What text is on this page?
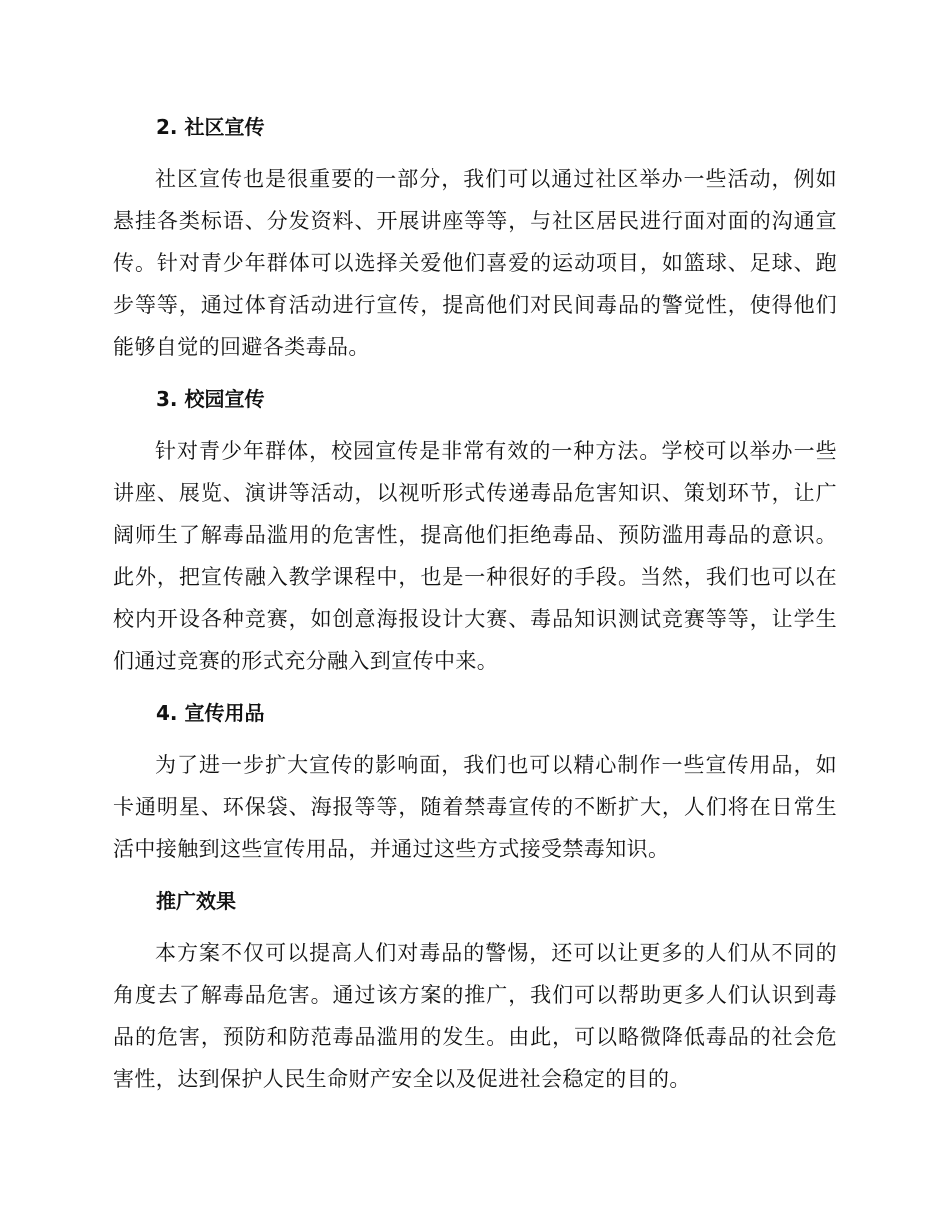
2. 社区宣传

社区宣传也是很重要的一部分，我们可以通过社区举办一些活动，例如悬挂各类标语、分发资料、开展讲座等等，与社区居民进行面对面的沟通宣传。针对青少年群体可以选择关爱他们喜爱的运动项目，如篮球、足球、跑步等等，通过体育活动进行宣传，提高他们对民间毒品的警觉性，使得他们能够自觉的回避各类毒品。

3. 校园宣传

针对青少年群体，校园宣传是非常有效的一种方法。学校可以举办一些讲座、展览、演讲等活动，以视听形式传递毒品危害知识、策划环节，让广阔师生了解毒品滥用的危害性，提高他们拒绝毒品、预防滥用毒品的意识。此外，把宣传融入教学课程中，也是一种很好的手段。当然，我们也可以在校内开设各种竞赛，如创意海报设计大赛、毒品知识测试竞赛等等，让学生们通过竞赛的形式充分融入到宣传中来。

4. 宣传用品

为了进一步扩大宣传的影响面，我们也可以精心制作一些宣传用品，如卡通明星、环保袋、海报等等，随着禁毒宣传的不断扩大，人们将在日常生活中接触到这些宣传用品，并通过这些方式接受禁毒知识。

推广效果

本方案不仅可以提高人们对毒品的警惕，还可以让更多的人们从不同的角度去了解毒品危害。通过该方案的推广，我们可以帮助更多人们认识到毒品的危害，预防和防范毒品滥用的发生。由此，可以略微降低毒品的社会危害性，达到保护人民生命财产安全以及促进社会稳定的目的。
